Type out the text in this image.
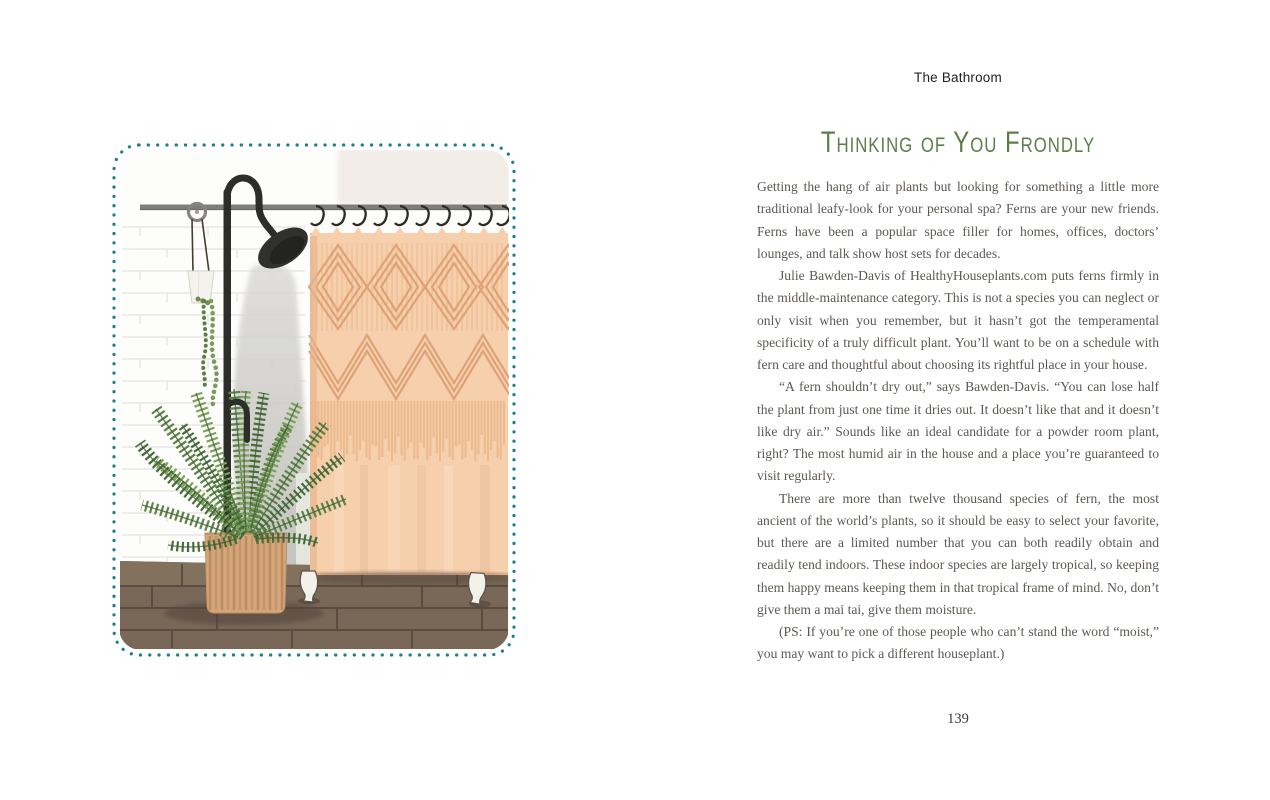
The Bathroom
Thinking of You Frondly

Getting the hang of air plants but looking for something a little more traditional leafy-look for your personal spa? Ferns are your new friends. Ferns have been a popular space filler for homes, offices, doctors’ lounges, and talk show host sets for decades.

Julie Bawden-Davis of HealthyHouseplants.com puts ferns firmly in the middle-maintenance category. This is not a species you can neglect or only visit when you remember, but it hasn’t got the temperamental specificity of a truly difficult plant. You’ll want to be on a schedule with fern care and thoughtful about choosing its rightful place in your house.

“A fern shouldn’t dry out,” says Bawden-Davis. “You can lose half the plant from just one time it dries out. It doesn’t like that and it doesn’t like dry air.” Sounds like an ideal candidate for a powder room plant, right? The most humid air in the house and a place you’re guaranteed to visit regularly.

There are more than twelve thousand species of fern, the most ancient of the world’s plants, so it should be easy to select your favorite, but there are a limited number that you can both readily obtain and readily tend indoors. These indoor species are largely tropical, so keeping them happy means keeping them in that tropical frame of mind. No, don’t give them a mai tai, give them moisture.

(PS: If you’re one of those people who can’t stand the word “moist,” you may want to pick a different houseplant.)

139
